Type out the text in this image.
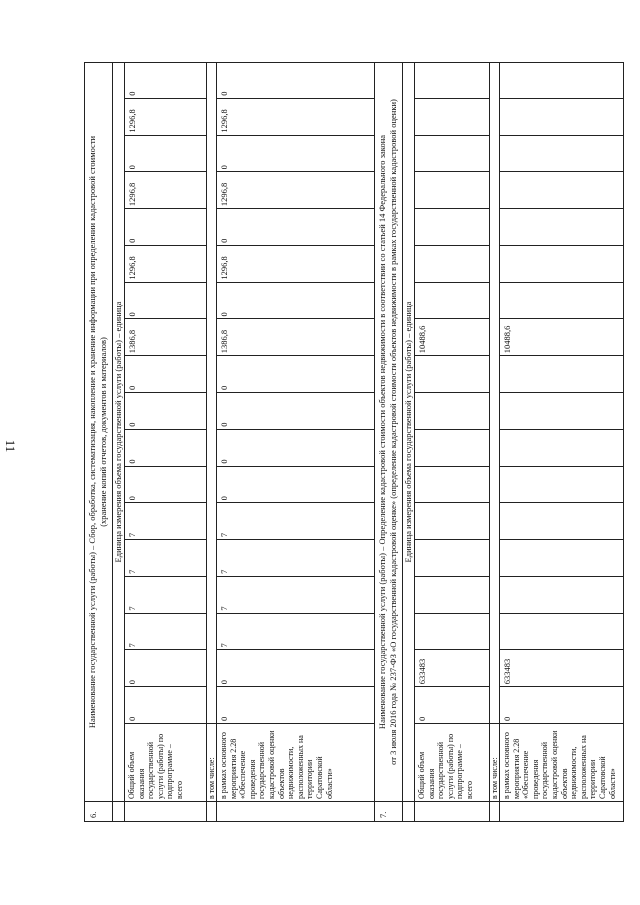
11
6.
Наименование государственной услуги (работы) – Сбор, обработка, систематизация, накопление и хранение информации при определении кадастровой стоимости (хранение копий отчетов, документов и материалов) Единица измерения объема государственной услуги (работы) – единица
Общий объем оказания государственной услуги (работы) по подпрограмме – всего	в том числе: в рамках основного мероприятия 2.28 «Обеспечение проведения государственной кадастровой оценки объектов недвижимости, расположенных на территории Саратовской области»
0
0
7
7
7
7
0
0
0
0
1386,8
0
1296,8
0
1296,8
0
1296,8
0
0
0
7
7
7
7
0
0
0
0
1386,8
0
1296,8
0
1296,8
0
1296,8
0
7.
Наименование государственной услуги (работы) – Определение кадастровой стоимости объектов недвижимости в соответствии со статьей 14 Федерального закона от 3 июля 2016 года № 237-ФЗ «О государственной кадастровой оценке» (определение кадастровой стоимости объектов недвижимости в рамках государственной кадастровой оценки) Единица измерения объема государственной услуги (работы) – единица
Общий объем оказания государственной услуги (работы) по подпрограмме – всего в том числе: в рамках основного мероприятия 2.28 «Обеспечение проведения государственной кадастровой оценки объектов недвижимости, расположенных на территории Саратовской области»
0
633483
10488,6
0
633483
10488,6
